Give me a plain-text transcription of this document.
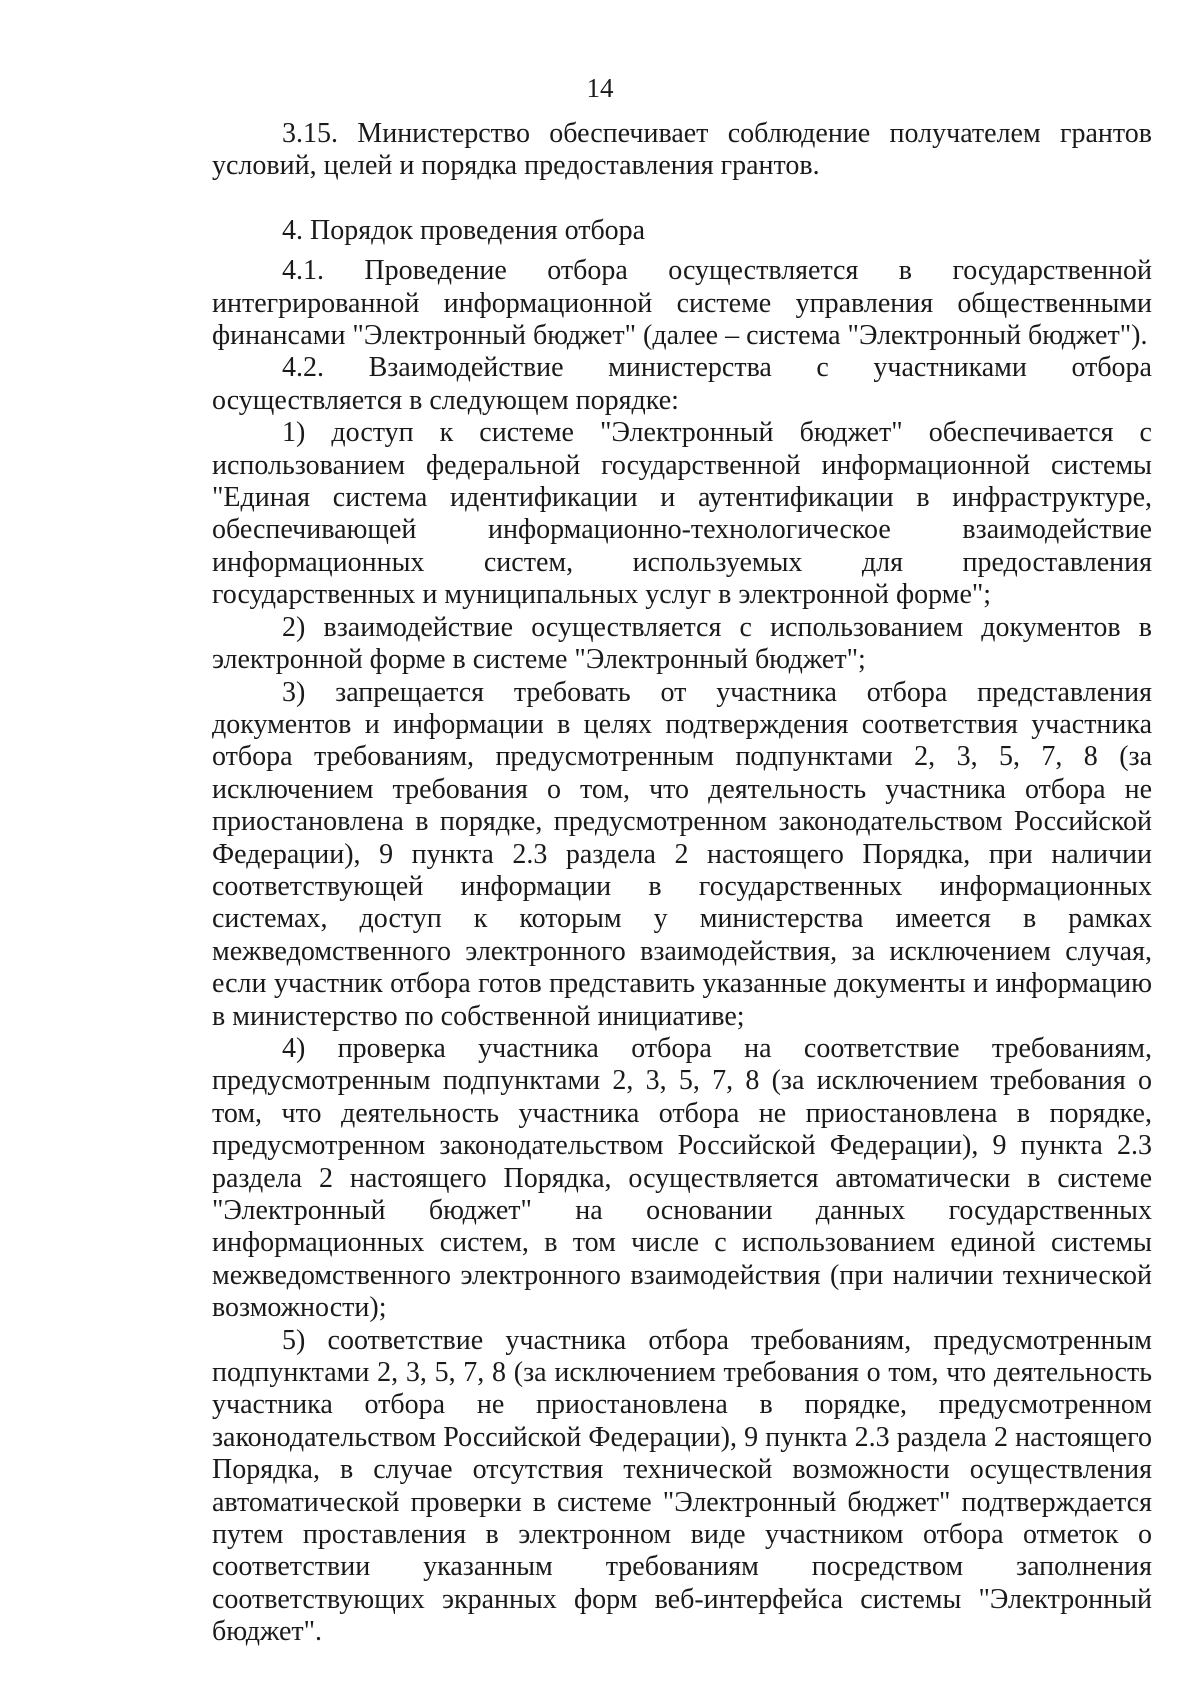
14

3.15. Министерство обеспечивает соблюдение получателем грантов условий, целей и порядка предоставления грантов.

4. Порядок проведения отбора

4.1. Проведение отбора осуществляется в государственной интегрированной информационной системе управления общественными финансами "Электронный бюджет" (далее – система "Электронный бюджет").

4.2. Взаимодействие министерства с участниками отбора осуществляется в следующем порядке:

1) доступ к системе "Электронный бюджет" обеспечивается с использованием федеральной государственной информационной системы "Единая система идентификации и аутентификации в инфраструктуре, обеспечивающей информационно-технологическое взаимодействие информационных систем, используемых для предоставления государственных и муниципальных услуг в электронной форме";

2) взаимодействие осуществляется с использованием документов в электронной форме в системе "Электронный бюджет";

3) запрещается требовать от участника отбора представления документов и информации в целях подтверждения соответствия участника отбора требованиям, предусмотренным подпунктами 2, 3, 5, 7, 8 (за исключением требования о том, что деятельность участника отбора не приостановлена в порядке, предусмотренном законодательством Российской Федерации), 9 пункта 2.3 раздела 2 настоящего Порядка, при наличии соответствующей информации в государственных информационных системах, доступ к которым у министерства имеется в рамках межведомственного электронного взаимодействия, за исключением случая, если участник отбора готов представить указанные документы и информацию в министерство по собственной инициативе;

4) проверка участника отбора на соответствие требованиям, предусмотренным подпунктами 2, 3, 5, 7, 8 (за исключением требования о том, что деятельность участника отбора не приостановлена в порядке, предусмотренном законодательством Российской Федерации), 9 пункта 2.3 раздела 2 настоящего Порядка, осуществляется автоматически в системе "Электронный бюджет" на основании данных государственных информационных систем, в том числе с использованием единой системы межведомственного электронного взаимодействия (при наличии технической возможности);

5) соответствие участника отбора требованиям, предусмотренным подпунктами 2, 3, 5, 7, 8 (за исключением требования о том, что деятельность участника отбора не приостановлена в порядке, предусмотренном законодательством Российской Федерации), 9 пункта 2.3 раздела 2 настоящего Порядка, в случае отсутствия технической возможности осуществления автоматической проверки в системе "Электронный бюджет" подтверждается путем проставления в электронном виде участником отбора отметок о соответствии указанным требованиям посредством заполнения соответствующих экранных форм веб-интерфейса системы "Электронный бюджет".
